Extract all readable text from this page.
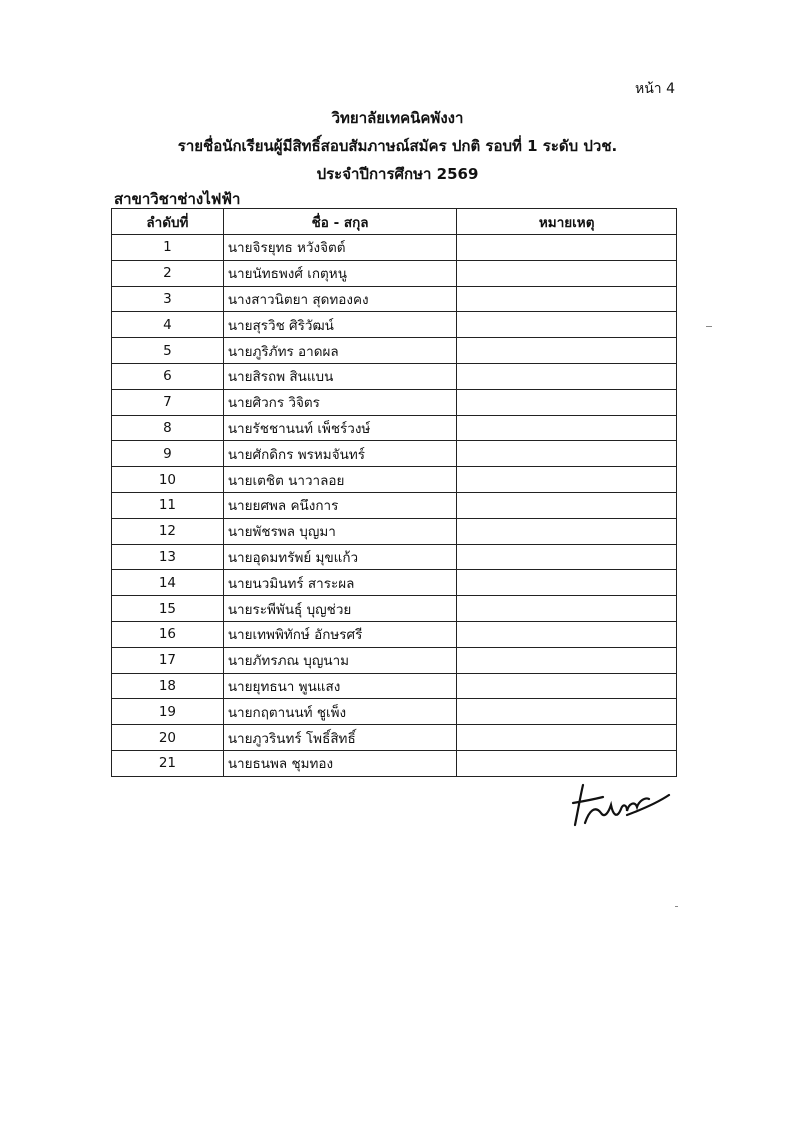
หน้า 4
วิทยาลัยเทคนิคพังงา
รายชื่อนักเรียนผู้มีสิทธิ์สอบสัมภาษณ์สมัคร ปกติ รอบที่ 1 ระดับ ปวช.
ประจำปีการศึกษา 2569
สาขาวิชาช่างไฟฟ้า
ลำดับที่	ชื่อ - สกุล	หมายเหตุ
1	นายจิรยุทธ หวังจิตต์	
2	นายนัทธพงศ์ เกตุหนู	
3	นางสาวนิตยา สุดทองคง	
4	นายสุรวิช ศิริวัฒน์	
5	นายภูริภัทร อาดผล	
6	นายสิรถพ สินแบน	
7	นายศิวกร วิจิตร	
8	นายรัชชานนท์ เพ็ชร์วงษ์	
9	นายศักดิกร พรหมจันทร์	
10	นายเตชิต นาวาลอย	
11	นายยศพล คนึงการ	
12	นายพัชรพล บุญมา	
13	นายอุดมทรัพย์ มุขแก้ว	
14	นายนวมินทร์ สาระผล	
15	นายระพีพันธุ์ บุญช่วย	
16	นายเทพพิทักษ์ อักษรศรี	
17	นายภัทรภณ บุญนาม	
18	นายยุทธนา พูนแสง	
19	นายกฤตานนท์ ชูเพ็ง	
20	นายภูวรินทร์ โพธิ์สิทธิ์	
21	นายธนพล ชุมทอง	
